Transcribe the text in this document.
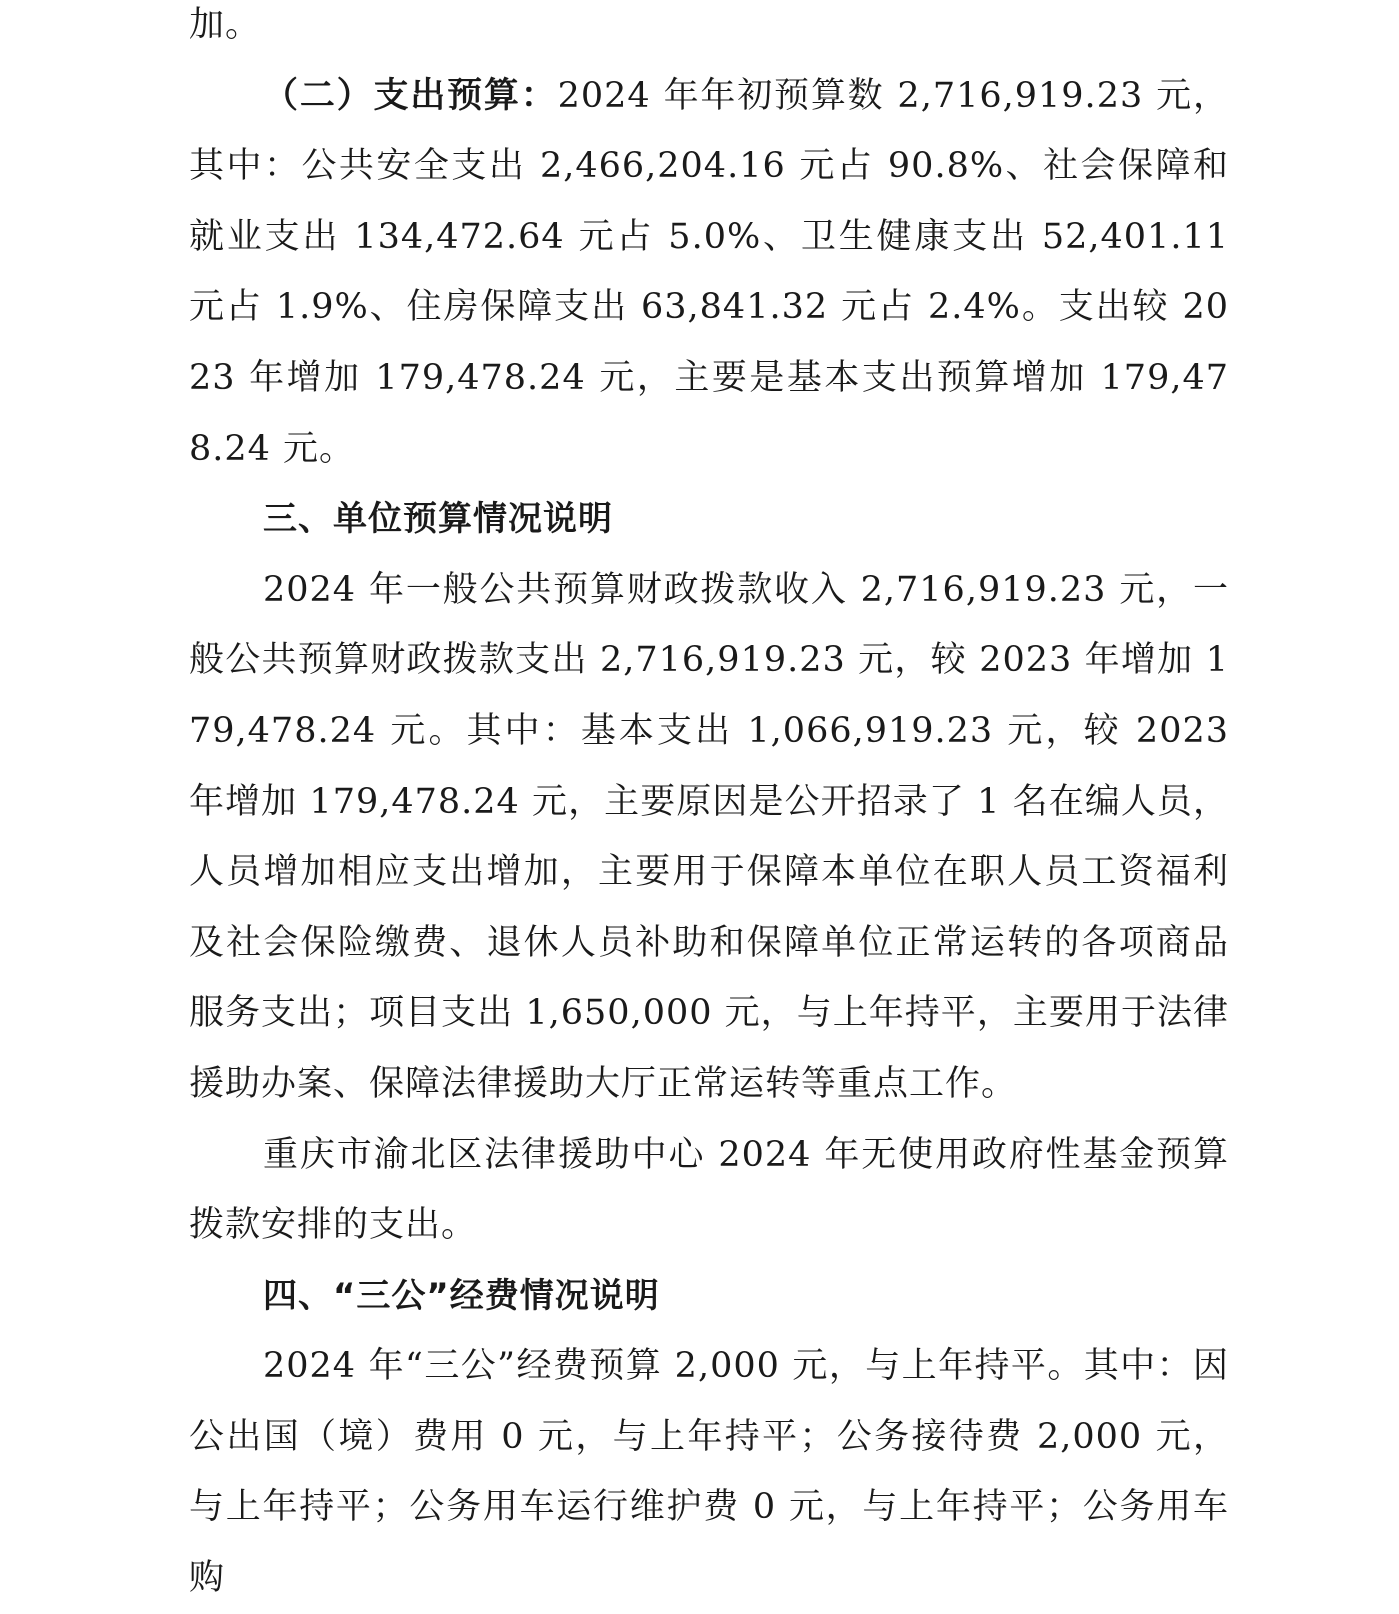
加。

（二）支出预算：2024 年年初预算数 2,716,919.23 元，其中：公共安全支出 2,466,204.16 元占 90.8%、社会保障和就业支出 134,472.64 元占 5.0%、卫生健康支出 52,401.11 元占 1.9%、住房保障支出 63,841.32 元占 2.4%。支出较 2023 年增加 179,478.24 元，主要是基本支出预算增加 179,478.24 元。

三、单位预算情况说明

2024 年一般公共预算财政拨款收入 2,716,919.23 元，一般公共预算财政拨款支出 2,716,919.23 元，较 2023 年增加 179,478.24 元。其中：基本支出 1,066,919.23 元，较 2023 年增加 179,478.24 元，主要原因是公开招录了 1 名在编人员，人员增加相应支出增加，主要用于保障本单位在职人员工资福利及社会保险缴费、退休人员补助和保障单位正常运转的各项商品服务支出；项目支出 1,650,000 元，与上年持平，主要用于法律援助办案、保障法律援助大厅正常运转等重点工作。

重庆市渝北区法律援助中心 2024 年无使用政府性基金预算拨款安排的支出。

四、“三公”经费情况说明

2024 年“三公”经费预算 2,000 元，与上年持平。其中：因公出国（境）费用 0 元，与上年持平；公务接待费 2,000 元，与上年持平；公务用车运行维护费 0 元，与上年持平；公务用车购
